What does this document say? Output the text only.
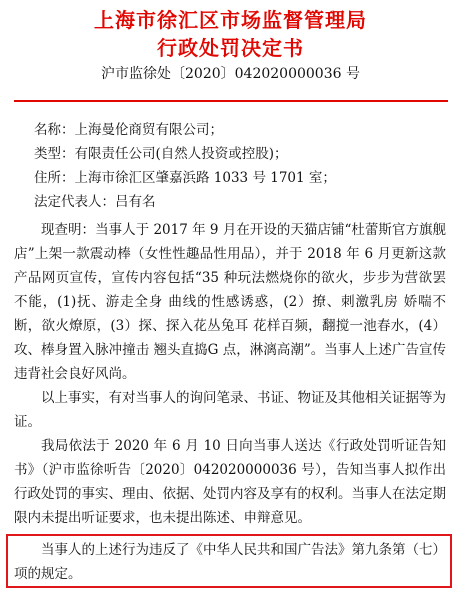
上海市徐汇区市场监督管理局
行政处罚决定书
沪市监徐处〔2020〕042020000036 号
名称：上海曼伦商贸有限公司；
类型：有限责任公司(自然人投资或控股)；
住所：上海市徐汇区肇嘉浜路 1033 号 1701 室；
法定代表人：吕有名
现查明：当事人于 2017 年 9 月在开设的天猫店铺“杜蕾斯官方旗舰店”上架一款震动棒（女性性趣品性用品），并于 2018 年 6 月更新这款产品网页宣传，宣传内容包括“35 种玩法燃烧你的欲火，步步为营欲罢不能，(1)抚、游走全身 曲线的性感诱惑，(2）撩、刺激乳房 娇喘不断，欲火燎原，(3）探、探入花丛兔耳 花样百频，翻搅一池春水，(4）攻、棒身置入脉冲撞击 翘头直捣G 点，淋漓高潮”。当事人上述广告宣传违背社会良好风尚。
以上事实，有对当事人的询问笔录、书证、物证及其他相关证据等为证。
我局依法于 2020 年 6 月 10 日向当事人送达《行政处罚听证告知书》（沪市监徐听告〔2020〕042020000036 号），告知当事人拟作出行政处罚的事实、理由、依据、处罚内容及享有的权利。当事人在法定期限内未提出听证要求，也未提出陈述、申辩意见。
当事人的上述行为违反了《中华人民共和国广告法》第九条第（七）项的规定。
